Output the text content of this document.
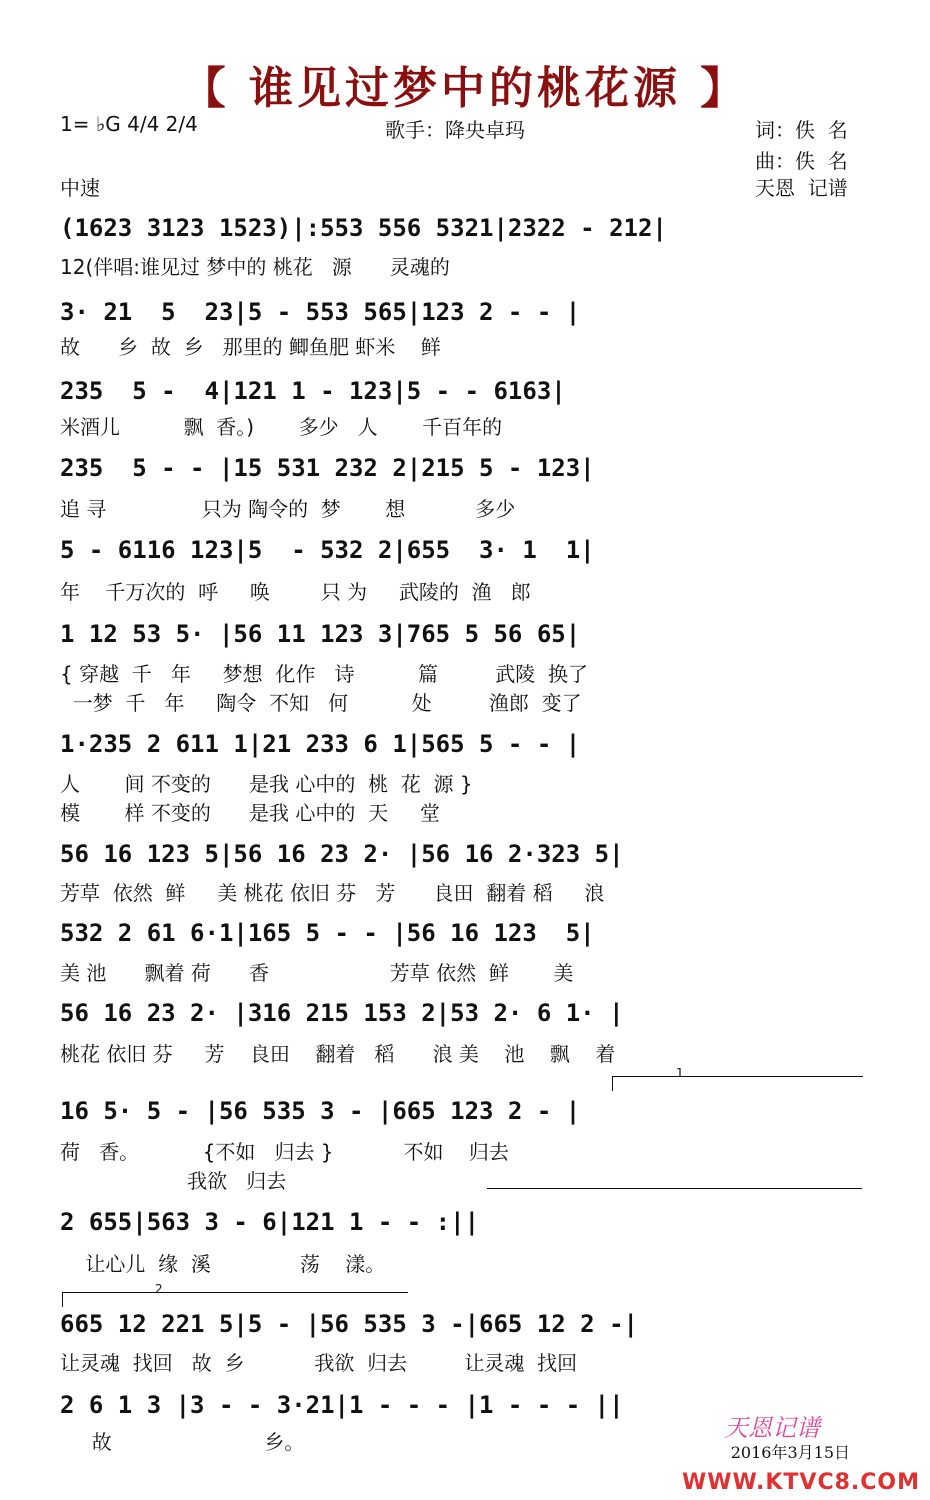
【 谁见过梦中的桃花源 】
1= ♭G 4/4 2/4	歌手：降央卓玛	词：佚  名
曲：佚  名
中速	天恩  记谱
(1623 3123 1523)|:553 556 5321|2322 - 212|
12(伴唱:谁见过 梦中的 桃花   源      灵魂的
3· 21  5  23|5 - 553 565|123 2 - - |
故      乡  故  乡   那里的 鲫鱼肥 虾米    鲜
235  5 -  4|121 1 - 123|5 - - 6163|
米酒儿          飘  香。)       多少   人       千百年的
235  5 - - |15 531 232 2|215 5 - 123|
追 寻               只为 陶令的  梦       想           多少
5 - 6116 123|5  - 532 2|655  3· 1  1|
年    千万次的  呼     唤        只 为     武陵的  渔   郎
1 12 53 5· |56 11 123 3|765 5 56 65|
{ 穿越  千   年     梦想  化作   诗          篇         武陵  换了
一梦  千   年     陶令  不知   何          处         渔郎  变了
1·235 2 611 1|21 233 6 1|565 5 - - |
人       间 不变的      是我 心中的  桃  花  源 }
模       样 不变的      是我 心中的  天     堂
56 16 123 5|56 16 23 2· |56 16 2·323 5|
芳草  依然  鲜     美 桃花 依旧 芬   芳      良田  翻着 稻     浪
532 2 61 6·1|165 5 - - |56 16 123  5|
美 池      飘着 荷      香                   芳草 依然  鲜       美
56 16 23 2· |316 215 153 2|53 2· 6 1· |
桃花 依旧 芬     芳    良田    翻着   稻      浪 美    池    飘    着
1
16 5· 5 - |56 535 3 - |665 123 2 - |
荷   香。          {不如   归去 }           不如    归去
我欲   归去
2 655|563 3 - 6|121 1 - - :||
让心儿  缘  溪              荡    漾。
2
665 12 221 5|5 - |56 535 3 -|665 12 2 -|
让灵魂  找回   故  乡           我欲  归去         让灵魂  找回
2 6 1 3 |3 - - 3·21|1 - - - |1 - - - ||
故                        乡。	天恩记谱
2016年3月15日
WWW.KTVC8.COM
